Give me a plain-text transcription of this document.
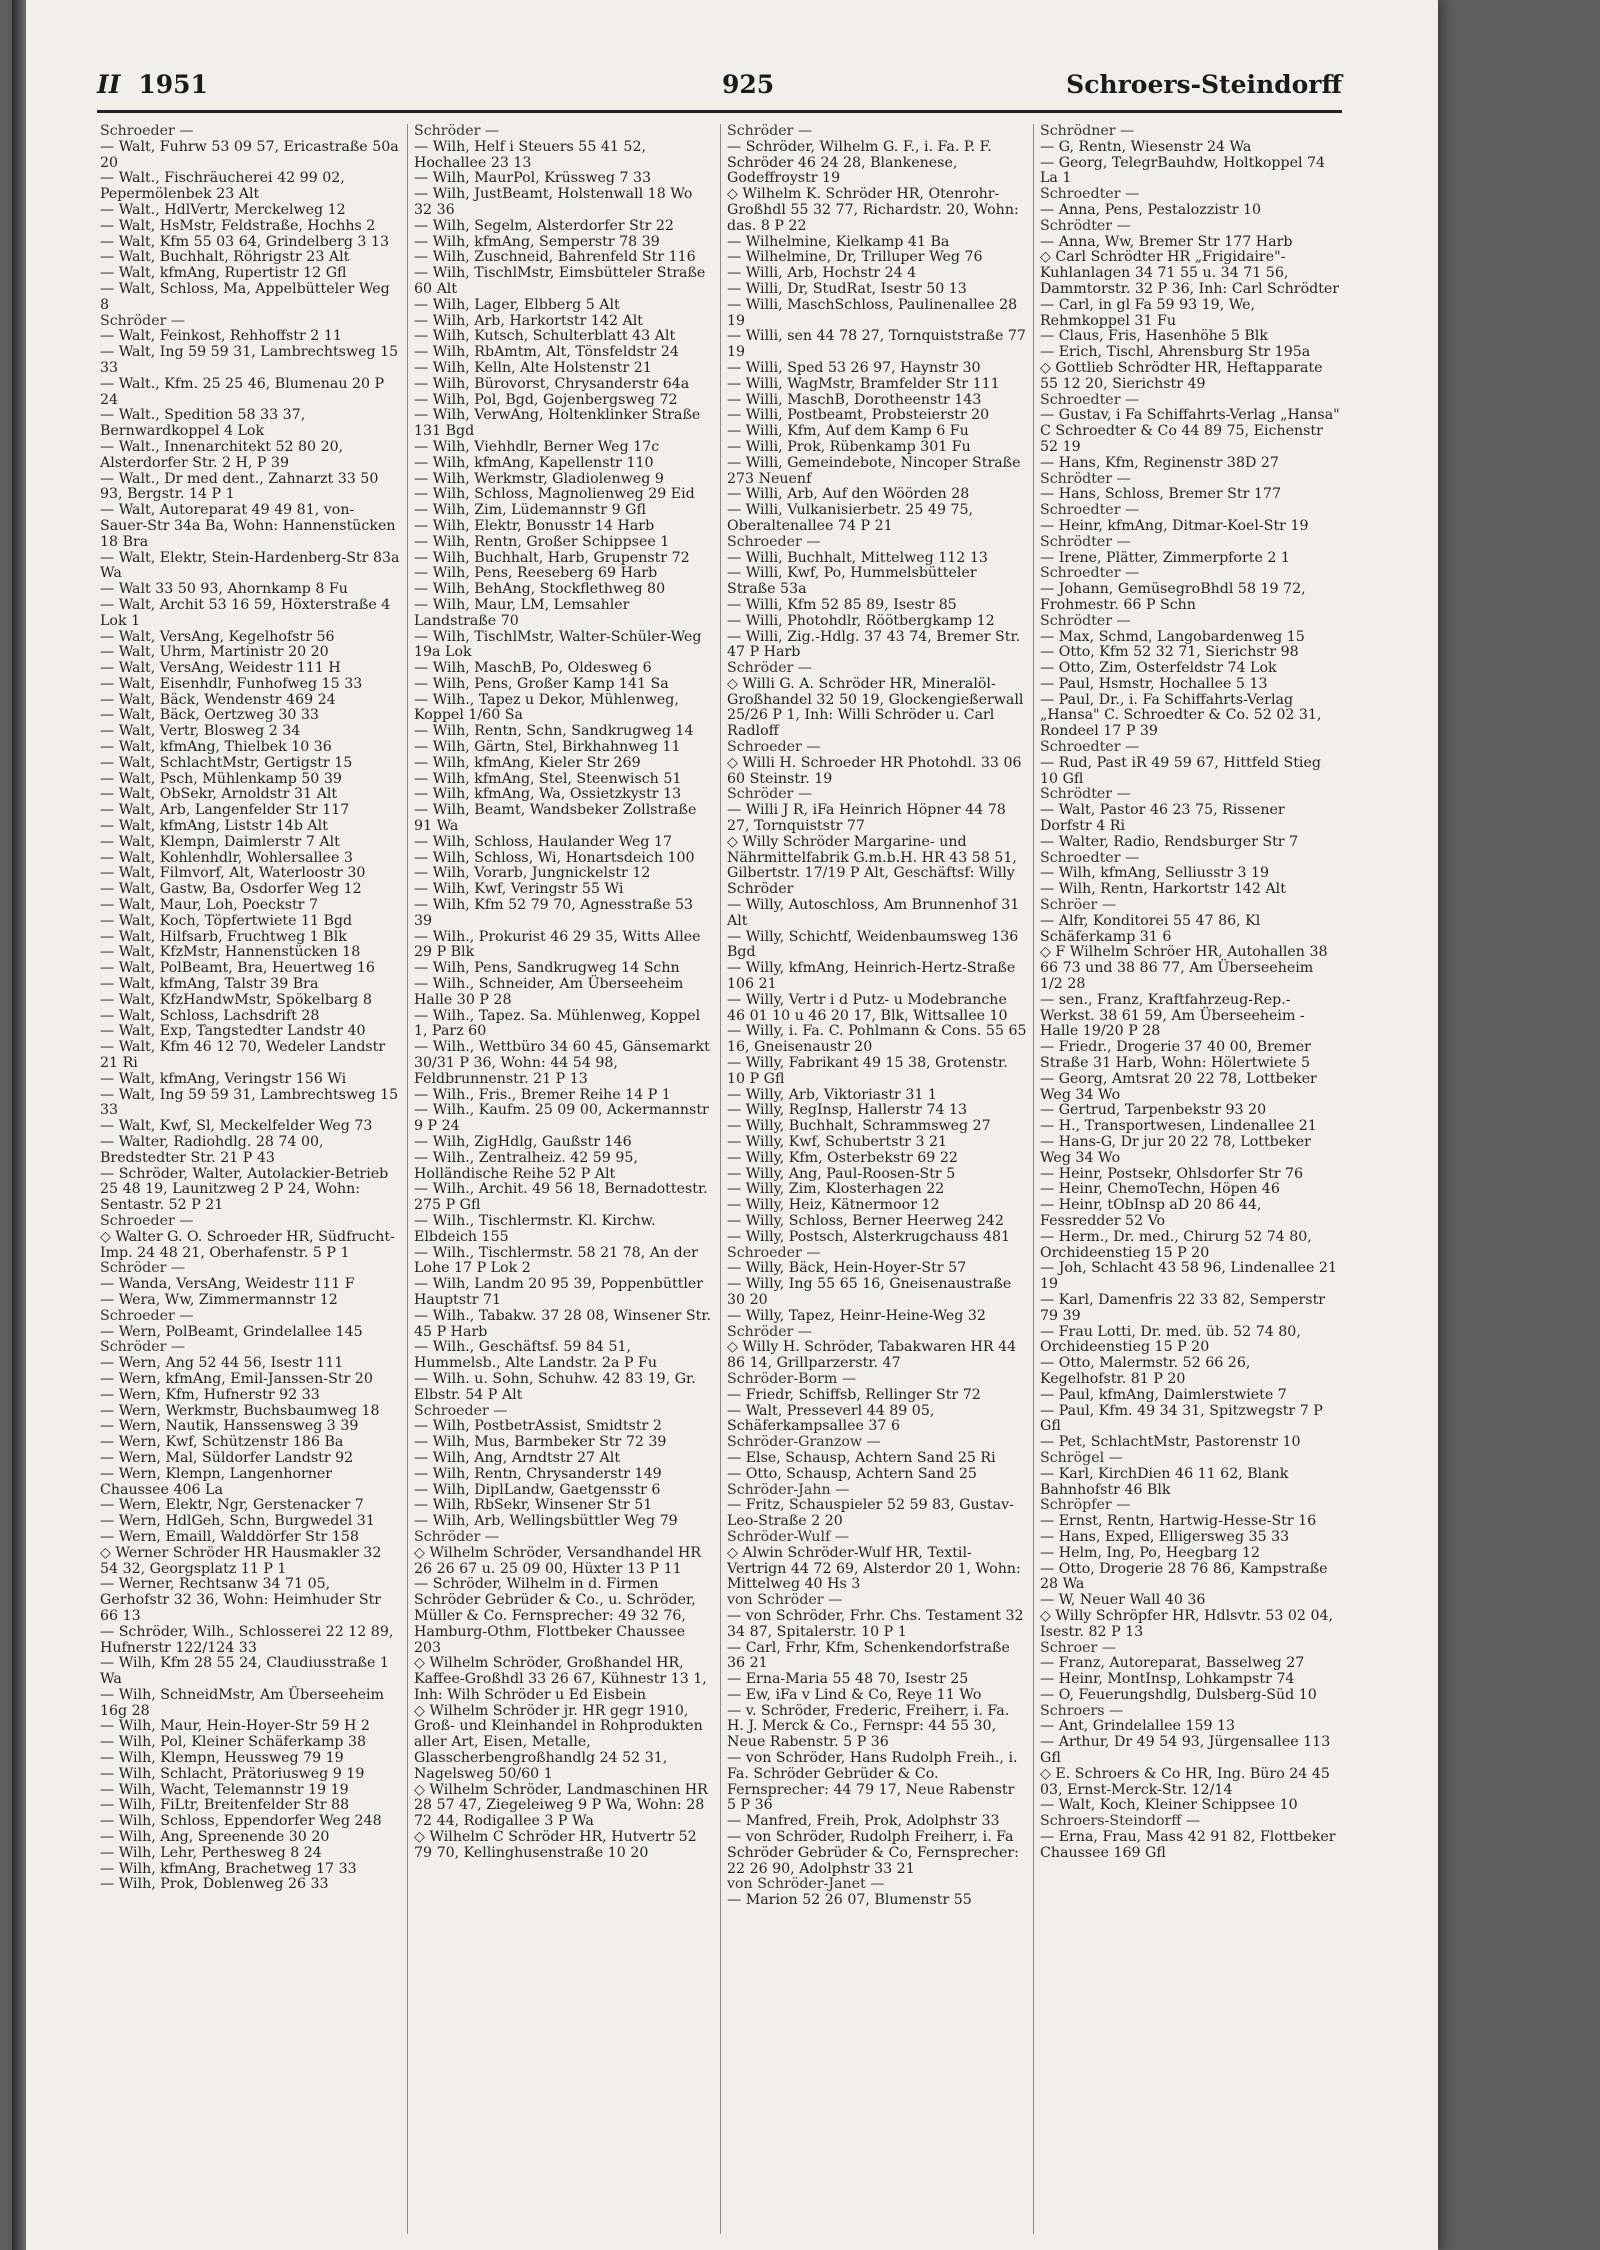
II 1951	925	Schroers-Steindorff

Schroeder —

— Walt, Fuhrw 53 09 57, Ericastraße 50a 20

— Walt., Fischräucherei 42 99 02, Pepermölenbek 23 Alt

— Walt., HdlVertr, Merckelweg 12

— Walt, HsMstr, Feldstraße, Hochhs 2

— Walt, Kfm 55 03 64, Grindelberg 3 13

— Walt, Buchhalt, Röhrigstr 23 Alt

— Walt, kfmAng, Rupertistr 12 Gfl

— Walt, Schloss, Ma, Appelbütteler Weg 8

Schröder —

— Walt, Feinkost, Rehhoffstr 2 11

— Walt, Ing 59 59 31, Lambrechtsweg 15 33

— Walt., Kfm. 25 25 46, Blumenau 20 P 24

— Walt., Spedition 58 33 37, Bernwardkoppel 4 Lok

— Walt., Innenarchitekt 52 80 20, Alsterdorfer Str. 2 H, P 39

— Walt., Dr med dent., Zahnarzt 33 50 93, Bergstr. 14 P 1

— Walt, Autoreparat 49 49 81, von-Sauer-Str 34a Ba, Wohn: Hannenstücken 18 Bra

— Walt, Elektr, Stein-Hardenberg-Str 83a Wa

— Walt 33 50 93, Ahornkamp 8 Fu

— Walt, Archit 53 16 59, Höxterstraße 4 Lok 1

— Walt, VersAng, Kegelhofstr 56

— Walt, Uhrm, Martinistr 20 20

— Walt, VersAng, Weidestr 111 H

— Walt, Eisenhdlr, Funhofweg 15 33

— Walt, Bäck, Wendenstr 469 24

— Walt, Bäck, Oertzweg 30 33

— Walt, Vertr, Blosweg 2 34

— Walt, kfmAng, Thielbek 10 36

— Walt, SchlachtMstr, Gertigstr 15

— Walt, Psch, Mühlenkamp 50 39

— Walt, ObSekr, Arnoldstr 31 Alt

— Walt, Arb, Langenfelder Str 117

— Walt, kfmAng, Liststr 14b Alt

— Walt, Klempn, Daimlerstr 7 Alt

— Walt, Kohlenhdlr, Wohlersallee 3

— Walt, Filmvorf, Alt, Waterloostr 30

— Walt, Gastw, Ba, Osdorfer Weg 12

— Walt, Maur, Loh, Poeckstr 7

— Walt, Koch, Töpfertwiete 11 Bgd

— Walt, Hilfsarb, Fruchtweg 1 Blk

— Walt, KfzMstr, Hannenstücken 18

— Walt, PolBeamt, Bra, Heuertweg 16

— Walt, kfmAng, Talstr 39 Bra

— Walt, KfzHandwMstr, Spökelbarg 8

— Walt, Schloss, Lachsdrift 28

— Walt, Exp, Tangstedter Landstr 40

— Walt, Kfm 46 12 70, Wedeler Landstr 21 Ri

— Walt, kfmAng, Veringstr 156 Wi

— Walt, Ing 59 59 31, Lambrechtsweg 15 33

— Walt, Kwf, Sl, Meckelfelder Weg 73

— Walter, Radiohdlg. 28 74 00, Bredstedter Str. 21 P 43

— Schröder, Walter, Autolackier-Betrieb 25 48 19, Launitzweg 2 P 24, Wohn: Sentastr. 52 P 21

Schroeder —

◇ Walter G. O. Schroeder HR, Südfrucht-Imp. 24 48 21, Oberhafenstr. 5 P 1

Schröder —

— Wanda, VersAng, Weidestr 111 F

— Wera, Ww, Zimmermannstr 12

Schroeder —

— Wern, PolBeamt, Grindelallee 145

Schröder —

— Wern, Ang 52 44 56, Isestr 111

— Wern, kfmAng, Emil-Janssen-Str 20

— Wern, Kfm, Hufnerstr 92 33

— Wern, Werkmstr, Buchsbaumweg 18

— Wern, Nautik, Hanssensweg 3 39

— Wern, Kwf, Schützenstr 186 Ba

— Wern, Mal, Süldorfer Landstr 92

— Wern, Klempn, Langenhorner Chaussee 406 La

— Wern, Elektr, Ngr, Gerstenacker 7

— Wern, HdlGeh, Schn, Burgwedel 31

— Wern, Emaill, Walddörfer Str 158

◇ Werner Schröder HR Hausmakler 32 54 32, Georgsplatz 11 P 1

— Werner, Rechtsanw 34 71 05, Gerhofstr 32 36, Wohn: Heimhuder Str 66 13

— Schröder, Wilh., Schlosserei 22 12 89, Hufnerstr 122/124 33

— Wilh, Kfm 28 55 24, Claudiusstraße 1 Wa

— Wilh, SchneidMstr, Am Überseeheim 16g 28

— Wilh, Maur, Hein-Hoyer-Str 59 H 2

— Wilh, Pol, Kleiner Schäferkamp 38

— Wilh, Klempn, Heussweg 79 19

— Wilh, Schlacht, Prätoriusweg 9 19

— Wilh, Wacht, Telemannstr 19 19

— Wilh, FiLtr, Breitenfelder Str 88

— Wilh, Schloss, Eppendorfer Weg 248

— Wilh, Ang, Spreenende 30 20

— Wilh, Lehr, Perthesweg 8 24

— Wilh, kfmAng, Brachetweg 17 33

— Wilh, Prok, Doblenweg 26 33

Schröder —

— Wilh, Helf i Steuers 55 41 52, Hochallee 23 13

— Wilh, MaurPol, Krüssweg 7 33

— Wilh, JustBeamt, Holstenwall 18 Wo 32 36

— Wilh, Segelm, Alsterdorfer Str 22

— Wilh, kfmAng, Semperstr 78 39

— Wilh, Zuschneid, Bahrenfeld Str 116

— Wilh, TischlMstr, Eimsbütteler Straße 60 Alt

— Wilh, Lager, Elbberg 5 Alt

— Wilh, Arb, Harkortstr 142 Alt

— Wilh, Kutsch, Schulterblatt 43 Alt

— Wilh, RbAmtm, Alt, Tönsfeldstr 24

— Wilh, Kelln, Alte Holstenstr 21

— Wilh, Bürovorst, Chrysanderstr 64a

— Wilh, Pol, Bgd, Gojenbergsweg 72

— Wilh, VerwAng, Holtenklinker Straße 131 Bgd

— Wilh, Viehhdlr, Berner Weg 17c

— Wilh, kfmAng, Kapellenstr 110

— Wilh, Werkmstr, Gladiolenweg 9

— Wilh, Schloss, Magnolienweg 29 Eid

— Wilh, Zim, Lüdemannstr 9 Gfl

— Wilh, Elektr, Bonusstr 14 Harb

— Wilh, Rentn, Großer Schippsee 1

— Wilh, Buchhalt, Harb, Grupenstr 72

— Wilh, Pens, Reeseberg 69 Harb

— Wilh, BehAng, Stockflethweg 80

— Wilh, Maur, LM, Lemsahler Landstraße 70

— Wilh, TischlMstr, Walter-Schüler-Weg 19a Lok

— Wilh, MaschB, Po, Oldesweg 6

— Wilh, Pens, Großer Kamp 141 Sa

— Wilh., Tapez u Dekor, Mühlenweg, Koppel 1/60 Sa

— Wilh, Rentn, Schn, Sandkrugweg 14

— Wilh, Gärtn, Stel, Birkhahnweg 11

— Wilh, kfmAng, Kieler Str 269

— Wilh, kfmAng, Stel, Steenwisch 51

— Wilh, kfmAng, Wa, Ossietzkystr 13

— Wilh, Beamt, Wandsbeker Zollstraße 91 Wa

— Wilh, Schloss, Haulander Weg 17

— Wilh, Schloss, Wi, Honartsdeich 100

— Wilh, Vorarb, Jungnickelstr 12

— Wilh, Kwf, Veringstr 55 Wi

— Wilh, Kfm 52 79 70, Agnesstraße 53 39

— Wilh., Prokurist 46 29 35, Witts Allee 29 P Blk

— Wilh, Pens, Sandkrugweg 14 Schn

— Wilh., Schneider, Am Überseeheim Halle 30 P 28

— Wilh., Tapez. Sa. Mühlenweg, Koppel 1, Parz 60

— Wilh., Wettbüro 34 60 45, Gänsemarkt 30/31 P 36, Wohn: 44 54 98, Feldbrunnenstr. 21 P 13

— Wilh., Fris., Bremer Reihe 14 P 1

— Wilh., Kaufm. 25 09 00, Ackermannstr 9 P 24

— Wilh, ZigHdlg, Gaußstr 146

— Wilh., Zentralheiz. 42 59 95, Holländische Reihe 52 P Alt

— Wilh., Archit. 49 56 18, Bernadottestr. 275 P Gfl

— Wilh., Tischlermstr. Kl. Kirchw. Elbdeich 155

— Wilh., Tischlermstr. 58 21 78, An der Lohe 17 P Lok 2

— Wilh, Landm 20 95 39, Poppenbüttler Hauptstr 71

— Wilh., Tabakw. 37 28 08, Winsener Str. 45 P Harb

— Wilh., Geschäftsf. 59 84 51, Hummelsb., Alte Landstr. 2a P Fu

— Wilh. u. Sohn, Schuhw. 42 83 19, Gr. Elbstr. 54 P Alt

Schroeder —

— Wilh, PostbetrAssist, Smidtstr 2

— Wilh, Mus, Barmbeker Str 72 39

— Wilh, Ang, Arndtstr 27 Alt

— Wilh, Rentn, Chrysanderstr 149

— Wilh, DiplLandw, Gaetgensstr 6

— Wilh, RbSekr, Winsener Str 51

— Wilh, Arb, Wellingsbüttler Weg 79

Schröder —

◇ Wilhelm Schröder, Versandhandel HR 26 26 67 u. 25 09 00, Hüxter 13 P 11

— Schröder, Wilhelm in d. Firmen Schröder Gebrüder & Co., u. Schröder, Müller & Co. Fernsprecher: 49 32 76, Hamburg-Othm, Flottbeker Chaussee 203

◇ Wilhelm Schröder, Großhandel HR, Kaffee-Großhdl 33 26 67, Kühnestr 13 1, Inh: Wilh Schröder u Ed Eisbein

◇ Wilhelm Schröder jr. HR gegr 1910, Groß- und Kleinhandel in Rohprodukten aller Art, Eisen, Metalle, Glasscherbengroßhandlg 24 52 31, Nagelsweg 50/60 1

◇ Wilhelm Schröder, Landmaschinen HR 28 57 47, Ziegeleiweg 9 P Wa, Wohn: 28 72 44, Rodigallee 3 P Wa

◇ Wilhelm C Schröder HR, Hutvertr 52 79 70, Kellinghusenstraße 10 20

Schröder —

— Schröder, Wilhelm G. F., i. Fa. P. F. Schröder 46 24 28, Blankenese, Godeffroystr 19

◇ Wilhelm K. Schröder HR, Otenrohr-Großhdl 55 32 77, Richardstr. 20, Wohn: das. 8 P 22

— Wilhelmine, Kielkamp 41 Ba

— Wilhelmine, Dr, Trilluper Weg 76

— Willi, Arb, Hochstr 24 4

— Willi, Dr, StudRat, Isestr 50 13

— Willi, MaschSchloss, Paulinenallee 28 19

— Willi, sen 44 78 27, Tornquiststraße 77 19

— Willi, Sped 53 26 97, Haynstr 30

— Willi, WagMstr, Bramfelder Str 111

— Willi, MaschB, Dorotheenstr 143

— Willi, Postbeamt, Probsteierstr 20

— Willi, Kfm, Auf dem Kamp 6 Fu

— Willi, Prok, Rübenkamp 301 Fu

— Willi, Gemeindebote, Nincoper Straße 273 Neuenf

— Willi, Arb, Auf den Wöörden 28

— Willi, Vulkanisierbetr. 25 49 75, Oberaltenallee 74 P 21

Schroeder —

— Willi, Buchhalt, Mittelweg 112 13

— Willi, Kwf, Po, Hummelsbütteler Straße 53a

— Willi, Kfm 52 85 89, Isestr 85

— Willi, Photohdlr, Röötbergkamp 12

— Willi, Zig.-Hdlg. 37 43 74, Bremer Str. 47 P Harb

Schröder —

◇ Willi G. A. Schröder HR, Mineralöl-Großhandel 32 50 19, Glockengießerwall 25/26 P 1, Inh: Willi Schröder u. Carl Radloff

Schroeder —

◇ Willi H. Schroeder HR Photohdl. 33 06 60 Steinstr. 19

Schröder —

— Willi J R, iFa Heinrich Höpner 44 78 27, Tornquiststr 77

◇ Willy Schröder Margarine- und Nährmittelfabrik G.m.b.H. HR 43 58 51, Gilbertstr. 17/19 P Alt, Geschäftsf: Willy Schröder

— Willy, Autoschloss, Am Brunnenhof 31 Alt

— Willy, Schichtf, Weidenbaumsweg 136 Bgd

— Willy, kfmAng, Heinrich-Hertz-Straße 106 21

— Willy, Vertr i d Putz- u Modebranche 46 01 10 u 46 20 17, Blk, Wittsallee 10

— Willy, i. Fa. C. Pohlmann & Cons. 55 65 16, Gneisenaustr 20

— Willy, Fabrikant 49 15 38, Grotenstr. 10 P Gfl

— Willy, Arb, Viktoriastr 31 1

— Willy, RegInsp, Hallerstr 74 13

— Willy, Buchhalt, Schrammsweg 27

— Willy, Kwf, Schubertstr 3 21

— Willy, Kfm, Osterbekstr 69 22

— Willy, Ang, Paul-Roosen-Str 5

— Willy, Zim, Klosterhagen 22

— Willy, Heiz, Kätnermoor 12

— Willy, Schloss, Berner Heerweg 242

— Willy, Postsch, Alsterkrugchauss 481

Schroeder —

— Willy, Bäck, Hein-Hoyer-Str 57

— Willy, Ing 55 65 16, Gneisenaustraße 30 20

— Willy, Tapez, Heinr-Heine-Weg 32

Schröder —

◇ Willy H. Schröder, Tabakwaren HR 44 86 14, Grillparzerstr. 47

Schröder-Borm —

— Friedr, Schiffsb, Rellinger Str 72

— Walt, Presseverl 44 89 05, Schäferkampsallee 37 6

Schröder-Granzow —

— Else, Schausp, Achtern Sand 25 Ri

— Otto, Schausp, Achtern Sand 25

Schröder-Jahn —

— Fritz, Schauspieler 52 59 83, Gustav-Leo-Straße 2 20

Schröder-Wulf —

◇ Alwin Schröder-Wulf HR, Textil-Vertrign 44 72 69, Alsterdor 20 1, Wohn: Mittelweg 40 Hs 3

von Schröder —

— von Schröder, Frhr. Chs. Testament 32 34 87, Spitalerstr. 10 P 1

— Carl, Frhr, Kfm, Schenkendorfstraße 36 21

— Erna-Maria 55 48 70, Isestr 25

— Ew, iFa v Lind & Co, Reye 11 Wo

— v. Schröder, Frederic, Freiherr, i. Fa. H. J. Merck & Co., Fernspr: 44 55 30, Neue Rabenstr. 5 P 36

— von Schröder, Hans Rudolph Freih., i. Fa. Schröder Gebrüder & Co. Fernsprecher: 44 79 17, Neue Rabenstr 5 P 36

— Manfred, Freih, Prok, Adolphstr 33

— von Schröder, Rudolph Freiherr, i. Fa Schröder Gebrüder & Co, Fernsprecher: 22 26 90, Adolphstr 33 21

von Schröder-Janet —

— Marion 52 26 07, Blumenstr 55

Schrödner —

— G, Rentn, Wiesenstr 24 Wa

— Georg, TelegrBauhdw, Holtkoppel 74 La 1

Schroedter —

— Anna, Pens, Pestalozzistr 10

Schrödter —

— Anna, Ww, Bremer Str 177 Harb

◇ Carl Schrödter HR „Frigidaire"-Kuhlanlagen 34 71 55 u. 34 71 56, Dammtorstr. 32 P 36, Inh: Carl Schrödter

— Carl, in gl Fa 59 93 19, We, Rehmkoppel 31 Fu

— Claus, Fris, Hasenhöhe 5 Blk

— Erich, Tischl, Ahrensburg Str 195a

◇ Gottlieb Schrödter HR, Heftapparate 55 12 20, Sierichstr 49

Schroedter —

— Gustav, i Fa Schiffahrts-Verlag „Hansa" C Schroedter & Co 44 89 75, Eichenstr 52 19

— Hans, Kfm, Reginenstr 38D 27

Schrödter —

— Hans, Schloss, Bremer Str 177

Schroedter —

— Heinr, kfmAng, Ditmar-Koel-Str 19

Schrödter —

— Irene, Plätter, Zimmerpforte 2 1

Schroedter —

— Johann, GemüsegroBhdl 58 19 72, Frohmestr. 66 P Schn

Schrödter —

— Max, Schmd, Langobardenweg 15

— Otto, Kfm 52 32 71, Sierichstr 98

— Otto, Zim, Osterfeldstr 74 Lok

— Paul, Hsmstr, Hochallee 5 13

— Paul, Dr., i. Fa Schiffahrts-Verlag „Hansa" C. Schroedter & Co. 52 02 31, Rondeel 17 P 39

Schroedter —

— Rud, Past iR 49 59 67, Hittfeld Stieg 10 Gfl

Schrödter —

— Walt, Pastor 46 23 75, Rissener Dorfstr 4 Ri

— Walter, Radio, Rendsburger Str 7

Schroedter —

— Wilh, kfmAng, Selliusstr 3 19

— Wilh, Rentn, Harkortstr 142 Alt

Schröer —

— Alfr, Konditorei 55 47 86, Kl Schäferkamp 31 6

◇ F Wilhelm Schröer HR, Autohallen 38 66 73 und 38 86 77, Am Überseeheim 1/2 28

— sen., Franz, Kraftfahrzeug-Rep.-Werkst. 38 61 59, Am Überseeheim - Halle 19/20 P 28

— Friedr., Drogerie 37 40 00, Bremer Straße 31 Harb, Wohn: Hölertwiete 5

— Georg, Amtsrat 20 22 78, Lottbeker Weg 34 Wo

— Gertrud, Tarpenbekstr 93 20

— H., Transportwesen, Lindenallee 21

— Hans-G, Dr jur 20 22 78, Lottbeker Weg 34 Wo

— Heinr, Postsekr, Ohlsdorfer Str 76

— Heinr, ChemoTechn, Höpen 46

— Heinr, tObInsp aD 20 86 44, Fessredder 52 Vo

— Herm., Dr. med., Chirurg 52 74 80, Orchideenstieg 15 P 20

— Joh, Schlacht 43 58 96, Lindenallee 21 19

— Karl, Damenfris 22 33 82, Semperstr 79 39

— Frau Lotti, Dr. med. üb. 52 74 80, Orchideenstieg 15 P 20

— Otto, Malermstr. 52 66 26, Kegelhofstr. 81 P 20

— Paul, kfmAng, Daimlerstwiete 7

— Paul, Kfm. 49 34 31, Spitzwegstr 7 P Gfl

— Pet, SchlachtMstr, Pastorenstr 10

Schrögel —

— Karl, KirchDien 46 11 62, Blank Bahnhofstr 46 Blk

Schröpfer —

— Ernst, Rentn, Hartwig-Hesse-Str 16

— Hans, Exped, Elligersweg 35 33

— Helm, Ing, Po, Heegbarg 12

— Otto, Drogerie 28 76 86, Kampstraße 28 Wa

— W, Neuer Wall 40 36

◇ Willy Schröpfer HR, Hdlsvtr. 53 02 04, Isestr. 82 P 13

Schroer —

— Franz, Autoreparat, Basselweg 27

— Heinr, MontInsp, Lohkampstr 74

— O, Feuerungshdlg, Dulsberg-Süd 10

Schroers —

— Ant, Grindelallee 159 13

— Arthur, Dr 49 54 93, Jürgensallee 113 Gfl

◇ E. Schroers & Co HR, Ing. Büro 24 45 03, Ernst-Merck-Str. 12/14

— Walt, Koch, Kleiner Schippsee 10

Schroers-Steindorff —

— Erna, Frau, Mass 42 91 82, Flottbeker Chaussee 169 Gfl
